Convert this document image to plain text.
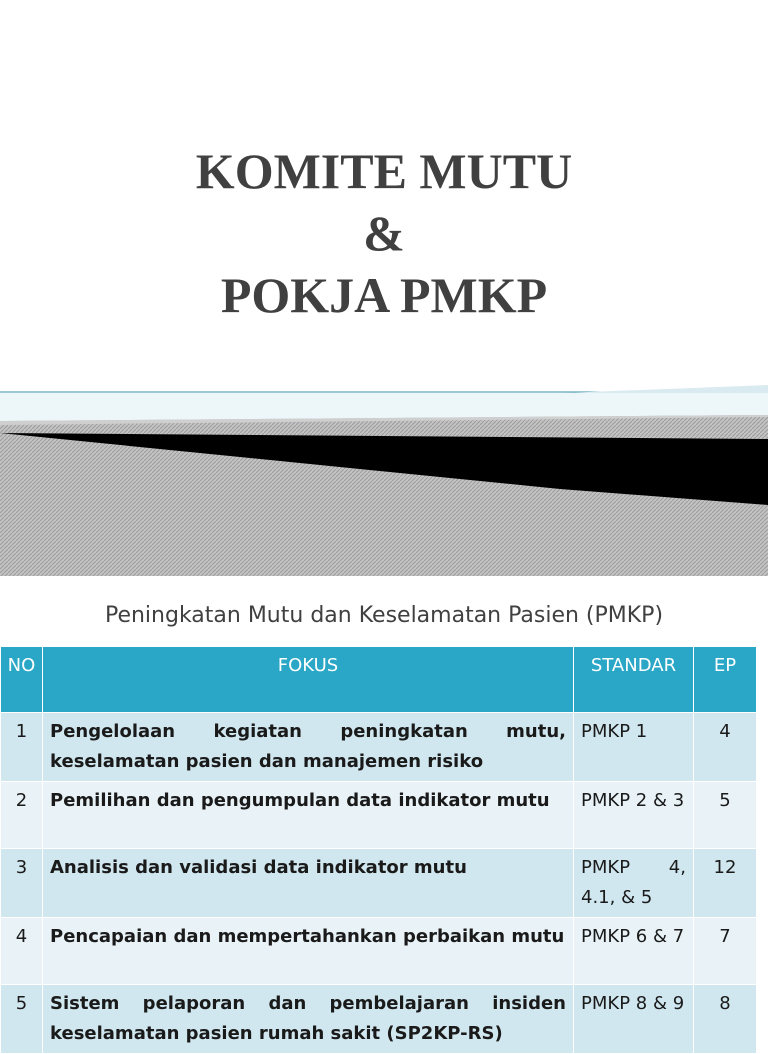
KOMITE MUTU
&
POKJA PMKP
Peningkatan Mutu dan Keselamatan Pasien (PMKP)
NO	FOKUS	STANDAR	EP
1	Pengelolaan kegiatan peningkatan mutu, keselamatan pasien dan manajemen risiko	PMKP 1	4
2	Pemilihan dan pengumpulan data indikator mutu	PMKP 2 & 3	5
3	Analisis dan validasi data indikator mutu	PMKP 4, 4.1, & 5	12
4	Pencapaian dan mempertahankan perbaikan mutu	PMKP 6 & 7	7
5	Sistem pelaporan dan pembelajaran insiden keselamatan pasien rumah sakit (SP2KP-RS)	PMKP 8 & 9	8
